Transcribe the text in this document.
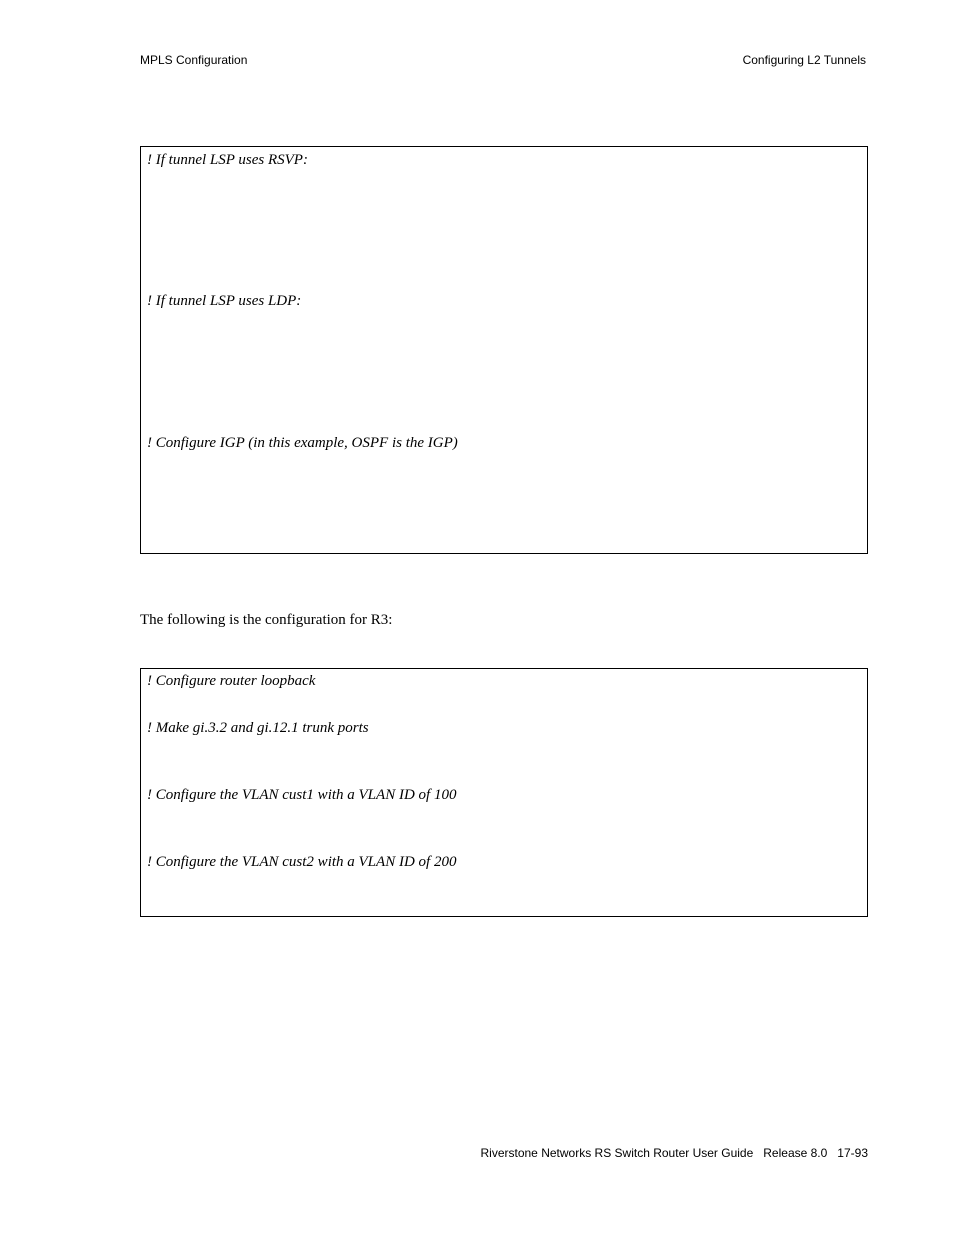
MPLS Configuration	Configuring L2 Tunnels
! If tunnel LSP uses RSVP:
! If tunnel LSP uses LDP:
! Configure IGP (in this example, OSPF is the IGP)
The following is the configuration for R3:
! Configure router loopback
! Make gi.3.2 and gi.12.1 trunk ports
! Configure the VLAN cust1 with a VLAN ID of 100
! Configure the VLAN cust2 with a VLAN ID of 200
Riverstone Networks RS Switch Router User Guide   Release 8.0   17-93
